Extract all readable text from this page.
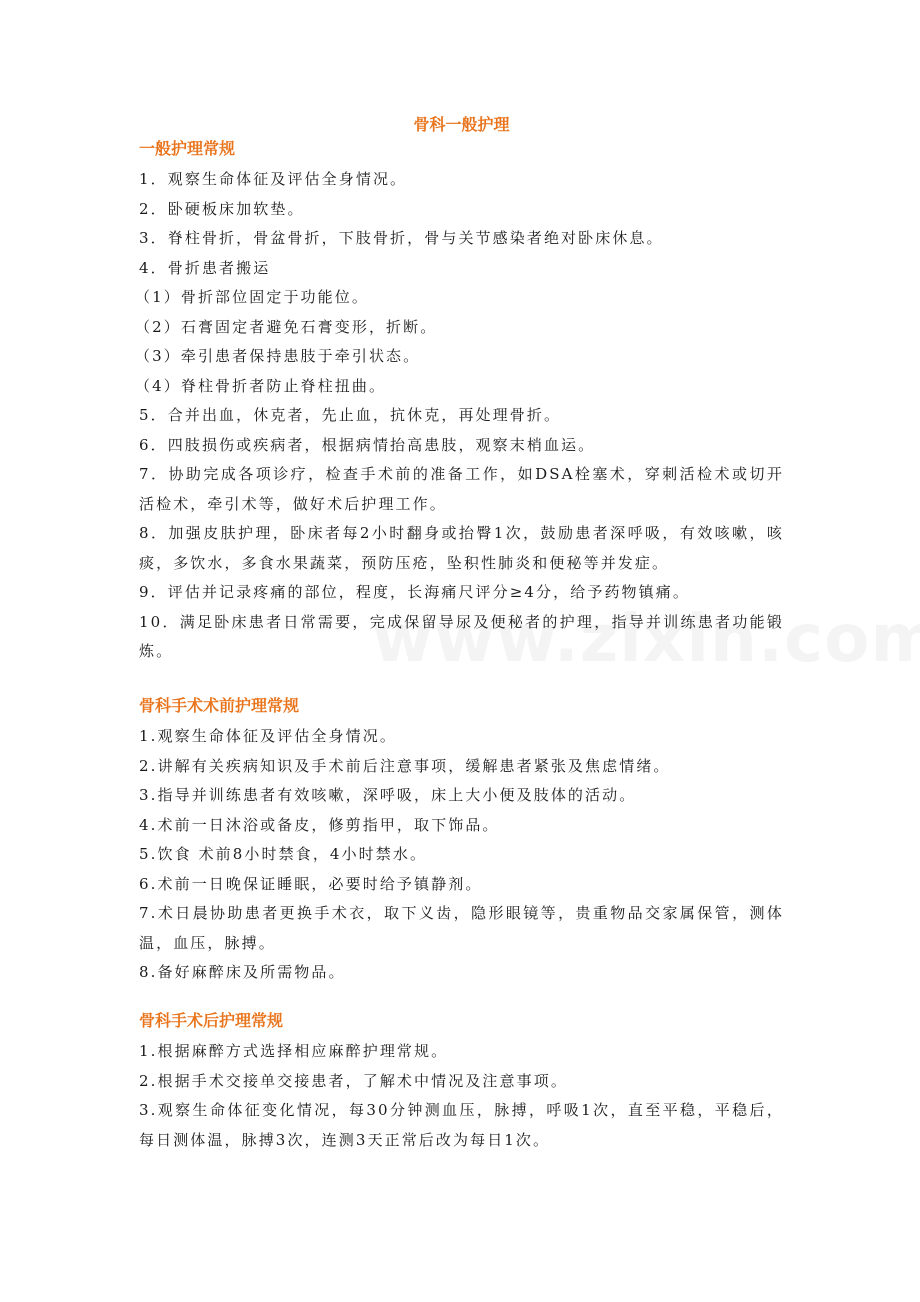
骨科一般护理
一般护理常规

1．观察生命体征及评估全身情况。

2．卧硬板床加软垫。

3．脊柱骨折，骨盆骨折，下肢骨折，骨与关节感染者绝对卧床休息。

4．骨折患者搬运

（1）骨折部位固定于功能位。

（2）石膏固定者避免石膏变形，折断。

（3）牵引患者保持患肢于牵引状态。

（4）脊柱骨折者防止脊柱扭曲。

5．合并出血，休克者，先止血，抗休克，再处理骨折。

6．四肢损伤或疾病者，根据病情抬高患肢，观察末梢血运。

7．协助完成各项诊疗，检查手术前的准备工作，如DSA栓塞术，穿刺活检术或切开活检术，牵引术等，做好术后护理工作。

8．加强皮肤护理，卧床者每2小时翻身或抬臀1次，鼓励患者深呼吸，有效咳嗽，咳痰，多饮水，多食水果蔬菜，预防压疮，坠积性肺炎和便秘等并发症。

9．评估并记录疼痛的部位，程度，长海痛尺评分≥4分，给予药物镇痛。

10．满足卧床患者日常需要，完成保留导尿及便秘者的护理，指导并训练患者功能锻炼。

骨科手术术前护理常规

1.观察生命体征及评估全身情况。

2.讲解有关疾病知识及手术前后注意事项，缓解患者紧张及焦虑情绪。

3.指导并训练患者有效咳嗽，深呼吸，床上大小便及肢体的活动。

4.术前一日沐浴或备皮，修剪指甲，取下饰品。

5.饮食 术前8小时禁食，4小时禁水。

6.术前一日晚保证睡眠，必要时给予镇静剂。

7.术日晨协助患者更换手术衣，取下义齿，隐形眼镜等，贵重物品交家属保管，测体温，血压，脉搏。

8.备好麻醉床及所需物品。

骨科手术后护理常规

1.根据麻醉方式选择相应麻醉护理常规。

2.根据手术交接单交接患者，了解术中情况及注意事项。

3.观察生命体征变化情况，每30分钟测血压，脉搏，呼吸1次，直至平稳，平稳后，每日测体温，脉搏3次，连测3天正常后改为每日1次。
